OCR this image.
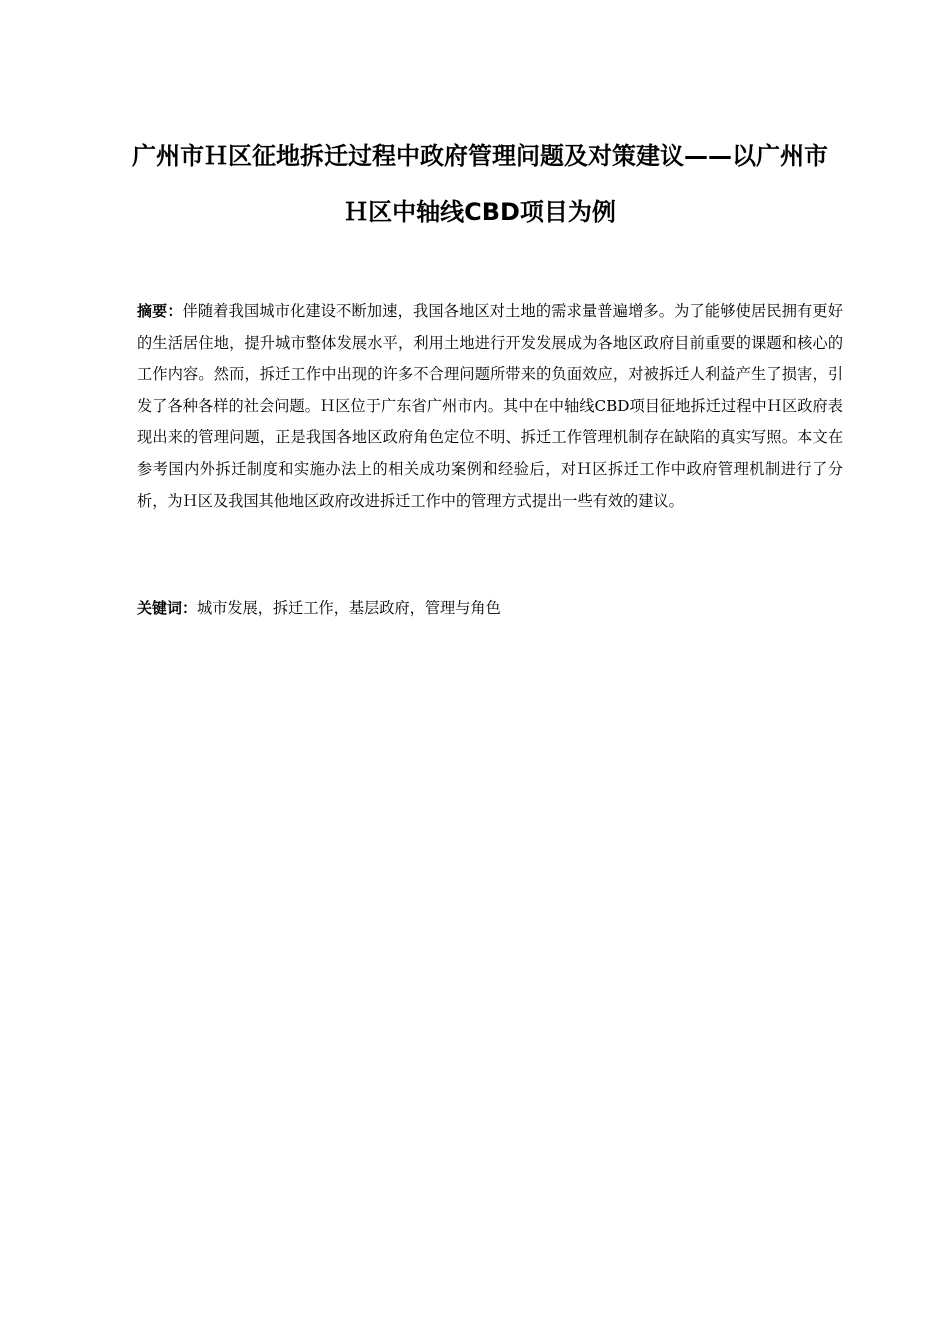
广州市Ｈ区征地拆迁过程中政府管理问题及对策建议——以广州市Ｈ区中轴线CBD项目为例

摘要：伴随着我国城市化建设不断加速，我国各地区对土地的需求量普遍增多。为了能够使居民拥有更好的生活居住地，提升城市整体发展水平，利用土地进行开发发展成为各地区政府目前重要的课题和核心的工作内容。然而，拆迁工作中出现的许多不合理问题所带来的负面效应，对被拆迁人利益产生了损害，引发了各种各样的社会问题。Ｈ区位于广东省广州市内。其中在中轴线CBD项目征地拆迁过程中Ｈ区政府表现出来的管理问题，正是我国各地区政府角色定位不明、拆迁工作管理机制存在缺陷的真实写照。本文在参考国内外拆迁制度和实施办法上的相关成功案例和经验后，对Ｈ区拆迁工作中政府管理机制进行了分析，为Ｈ区及我国其他地区政府改进拆迁工作中的管理方式提出一些有效的建议。

关键词：城市发展，拆迁工作，基层政府，管理与角色
